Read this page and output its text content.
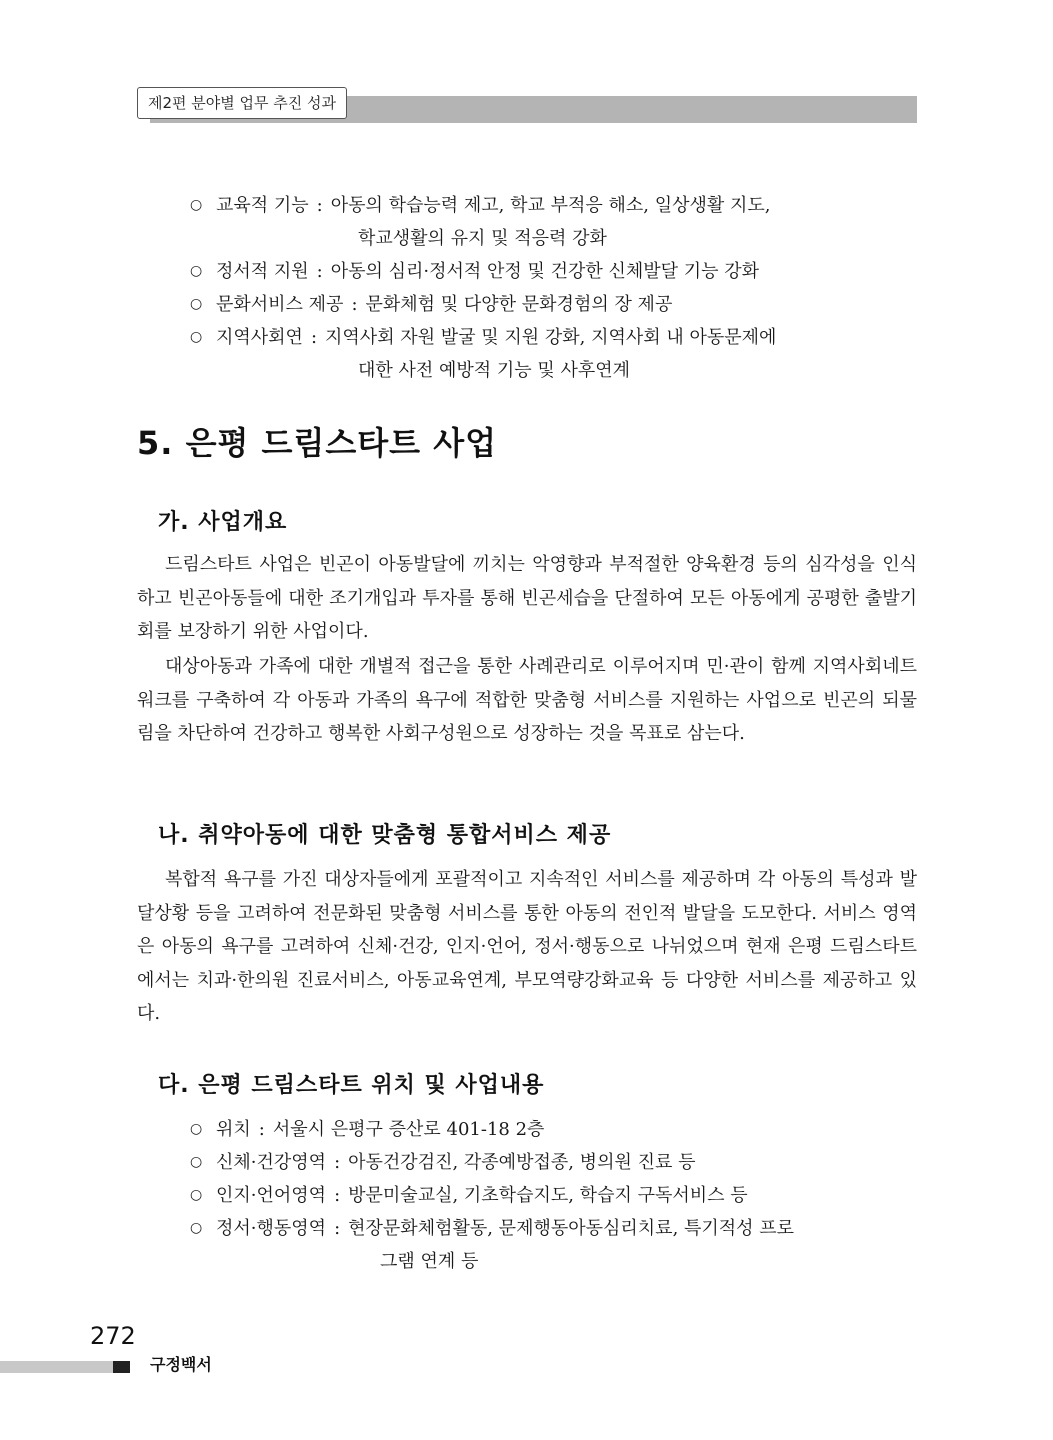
제2편 분야별 업무 추진 성과
○ 교육적 기능 : 아동의 학습능력 제고, 학교 부적응 해소, 일상생활 지도,
학교생활의 유지 및 적응력 강화
○ 정서적 지원 : 아동의 심리·정서적 안정 및 건강한 신체발달 기능 강화
○ 문화서비스 제공 : 문화체험 및 다양한 문화경험의 장 제공
○ 지역사회연 : 지역사회 자원 발굴 및 지원 강화, 지역사회 내 아동문제에
대한 사전 예방적 기능 및 사후연계
5. 은평 드림스타트 사업
가. 사업개요

드림스타트 사업은 빈곤이 아동발달에 끼치는 악영향과 부적절한 양육환경 등의 심각성을 인식하고 빈곤아동들에 대한 조기개입과 투자를 통해 빈곤세습을 단절하여 모든 아동에게 공평한 출발기회를 보장하기 위한 사업이다.

대상아동과 가족에 대한 개별적 접근을 통한 사례관리로 이루어지며 민·관이 함께 지역사회네트워크를 구축하여 각 아동과 가족의 욕구에 적합한 맞춤형 서비스를 지원하는 사업으로 빈곤의 되물림을 차단하여 건강하고 행복한 사회구성원으로 성장하는 것을 목표로 삼는다.

나. 취약아동에 대한 맞춤형 통합서비스 제공

복합적 욕구를 가진 대상자들에게 포괄적이고 지속적인 서비스를 제공하며 각 아동의 특성과 발달상황 등을 고려하여 전문화된 맞춤형 서비스를 통한 아동의 전인적 발달을 도모한다. 서비스 영역은 아동의 욕구를 고려하여 신체·건강, 인지·언어, 정서·행동으로 나뉘었으며 현재 은평 드림스타트에서는 치과·한의원 진료서비스, 아동교육연계, 부모역량강화교육 등 다양한 서비스를 제공하고 있다.

다. 은평 드림스타트 위치 및 사업내용
○ 위치 : 서울시 은평구 증산로 401-18 2층
○ 신체·건강영역 : 아동건강검진, 각종예방접종, 병의원 진료 등
○ 인지·언어영역 : 방문미술교실, 기초학습지도, 학습지 구독서비스 등
○ 정서·행동영역 : 현장문화체험활동, 문제행동아동심리치료, 특기적성 프로
그램 연계 등
272
구정백서
